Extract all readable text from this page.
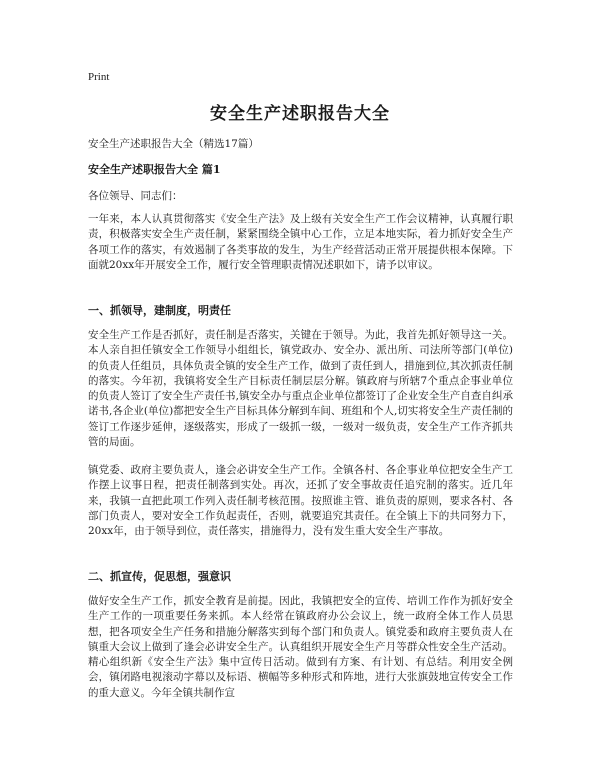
Print
安全生产述职报告大全

安全生产述职报告大全（精选17篇）

安全生产述职报告大全 篇1

各位领导、同志们：

一年来，本人认真贯彻落实《安全生产法》及上级有关安全生产工作会议精神，认真履行职责，积极落实安全生产责任制，紧紧围绕全镇中心工作，立足本地实际，着力抓好安全生产各项工作的落实，有效遏制了各类事故的发生，为生产经营活动正常开展提供根本保障。下面就20xx年开展安全工作，履行安全管理职责情况述职如下，请予以审议。

一、抓领导，建制度，明责任

安全生产工作是否抓好，责任制是否落实，关键在于领导。为此，我首先抓好领导这一关。本人亲自担任镇安全工作领导小组组长，镇党政办、安全办、派出所、司法所等部门(单位)的负责人任组员，具体负责全镇的安全生产工作，做到了责任到人，措施到位,其次抓责任制的落实。今年初，我镇将安全生产目标责任制层层分解。镇政府与所辖7个重点企事业单位的负责人签订了安全生产责任书,镇安全办与重点企业单位都签订了企业安全生产自查自纠承诺书,各企业(单位)都把安全生产目标具体分解到车间、班组和个人,切实将安全生产责任制的签订工作逐步延伸，逐级落实，形成了一级抓一级，一级对一级负责，安全生产工作齐抓共管的局面。

镇党委、政府主要负责人，逢会必讲安全生产工作。全镇各村、各企事业单位把安全生产工作摆上议事日程，把责任制落到实处。再次，还抓了安全事故责任追究制的落实。近几年来，我镇一直把此项工作列入责任制考核范围。按照谁主管、谁负责的原则，要求各村、各部门负责人，要对安全工作负起责任，否则，就要追究其责任。在全镇上下的共同努力下，20xx年，由于领导到位，责任落实，措施得力，没有发生重大安全生产事故。

二、抓宣传，促思想，强意识

做好安全生产工作，抓安全教育是前提。因此，我镇把安全的宣传、培训工作作为抓好安全生产工作的一项重要任务来抓。本人经常在镇政府办公会议上，统一政府全体工作人员思想，把各项安全生产任务和措施分解落实到每个部门和负责人。镇党委和政府主要负责人在镇重大会议上做到了逢会必讲安全生产。认真组织开展安全生产月等群众性安全生产活动。精心组织新《安全生产法》集中宣传日活动。做到有方案、有计划、有总结。利用安全例会，镇闭路电视滚动字幕以及标语、横幅等多种形式和阵地，进行大张旗鼓地宣传安全工作的重大意义。今年全镇共制作宣
